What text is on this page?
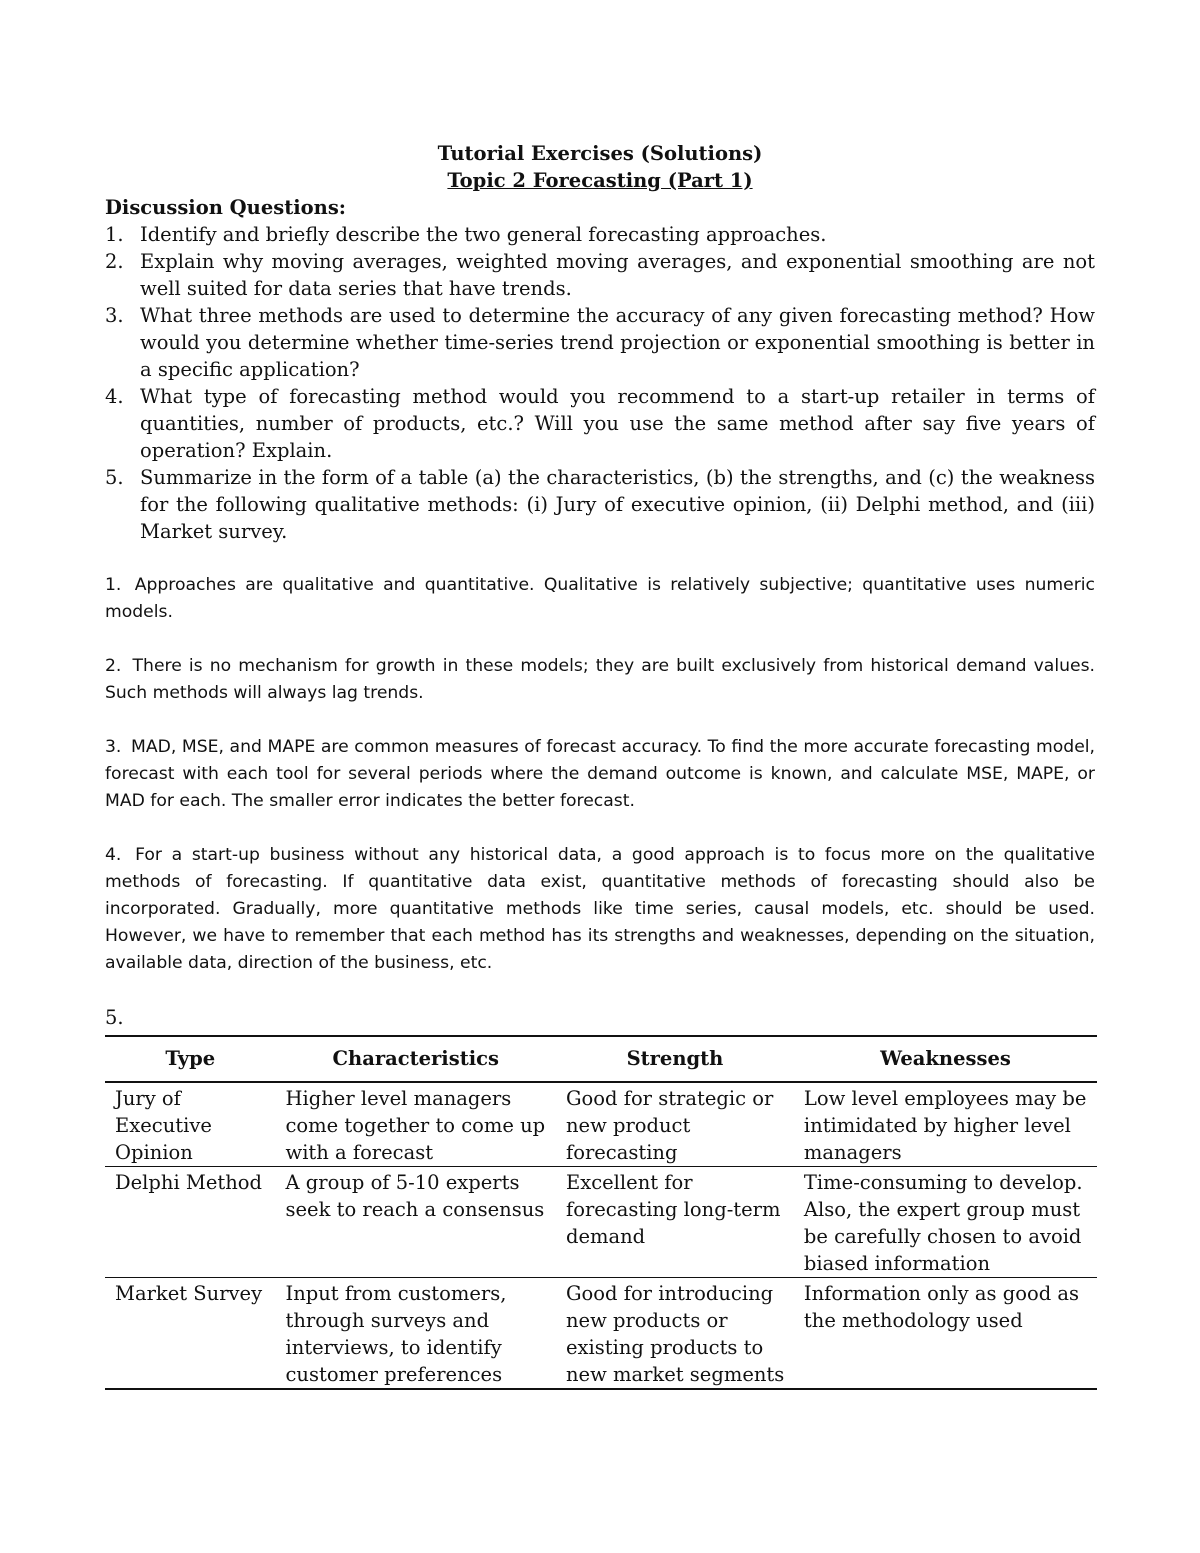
Tutorial Exercises (Solutions)

Topic 2 Forecasting (Part 1)

Discussion Questions:

1. Identify and briefly describe the two general forecasting approaches.
2. Explain why moving averages, weighted moving averages, and exponential smoothing are not well suited for data series that have trends.
3. What three methods are used to determine the accuracy of any given forecasting method? How would you determine whether time-series trend projection or exponential smoothing is better in a specific application?
4. What type of forecasting method would you recommend to a start-up retailer in terms of quantities, number of products, etc.? Will you use the same method after say five years of operation? Explain.
5. Summarize in the form of a table (a) the characteristics, (b) the strengths, and (c) the weakness for the following qualitative methods: (i) Jury of executive opinion, (ii) Delphi method, and (iii) Market survey.

1. Approaches are qualitative and quantitative. Qualitative is relatively subjective; quantitative uses numeric models.

2. There is no mechanism for growth in these models; they are built exclusively from historical demand values. Such methods will always lag trends.

3. MAD, MSE, and MAPE are common measures of forecast accuracy. To find the more accurate forecasting model, forecast with each tool for several periods where the demand outcome is known, and calculate MSE, MAPE, or MAD for each. The smaller error indicates the better forecast.

4. For a start-up business without any historical data, a good approach is to focus more on the qualitative methods of forecasting. If quantitative data exist, quantitative methods of forecasting should also be incorporated. Gradually, more quantitative methods like time series, causal models, etc. should be used. However, we have to remember that each method has its strengths and weaknesses, depending on the situation, available data, direction of the business, etc.

5.

Type	Characteristics	Strength	Weaknesses
Jury of Executive Opinion	Higher level managers come together to come up with a forecast	Good for strategic or new product forecasting	Low level employees may be intimidated by higher level managers
Delphi Method	A group of 5-10 experts seek to reach a consensus	Excellent for forecasting long-term demand	Time-consuming to develop. Also, the expert group must be carefully chosen to avoid biased information
Market Survey	Input from customers, through surveys and interviews, to identify customer preferences	Good for introducing new products or existing products to new market segments	Information only as good as the methodology used
